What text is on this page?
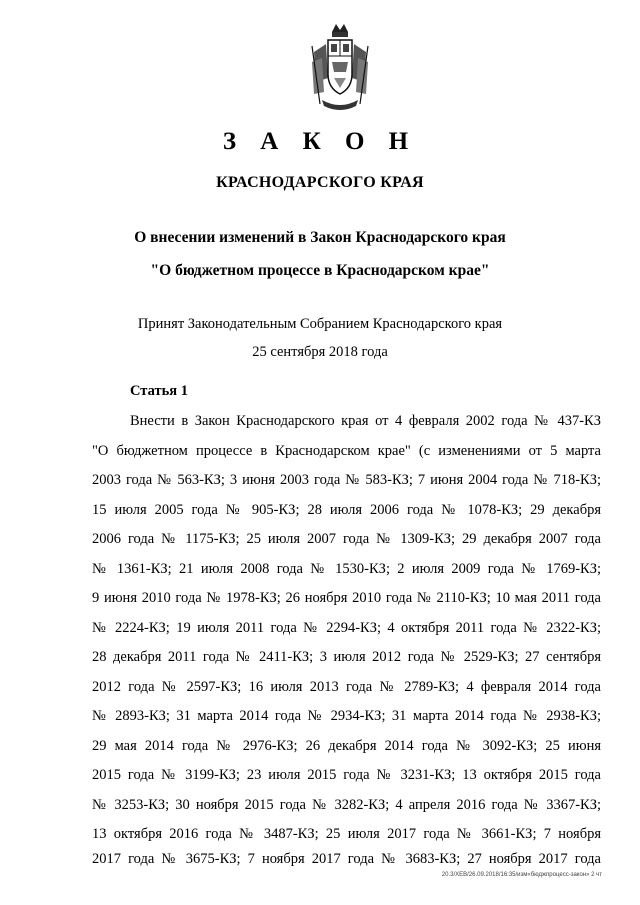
З А К О Н
КРАСНОДАРСКОГО КРАЯ
О внесении изменений в Закон Краснодарского края
"О бюджетном процессе в Краснодарском крае"
Принят Законодательным Собранием Краснодарского края
25 сентября 2018 года
Статья 1
Внести в Закон Краснодарского края от 4 февраля 2002 года № 437-КЗ
"О бюджетном процессе в Краснодарском крае" (с изменениями от 5 марта
2003 года № 563-КЗ; 3 июня 2003 года № 583-КЗ; 7 июня 2004 года № 718-КЗ;
15 июля 2005 года № 905-КЗ; 28 июля 2006 года № 1078-КЗ; 29 декабря
2006 года № 1175-КЗ; 25 июля 2007 года № 1309-КЗ; 29 декабря 2007 года
№ 1361-КЗ; 21 июля 2008 года № 1530-КЗ; 2 июля 2009 года № 1769-КЗ;
9 июня 2010 года № 1978-КЗ; 26 ноября 2010 года № 2110-КЗ; 10 мая 2011 года
№ 2224-КЗ; 19 июля 2011 года № 2294-КЗ; 4 октября 2011 года № 2322-КЗ;
28 декабря 2011 года № 2411-КЗ; 3 июля 2012 года № 2529-КЗ; 27 сентября
2012 года № 2597-КЗ; 16 июля 2013 года № 2789-КЗ; 4 февраля 2014 года
№ 2893-КЗ; 31 марта 2014 года № 2934-КЗ; 31 марта 2014 года № 2938-КЗ;
29 мая 2014 года № 2976-КЗ; 26 декабря 2014 года № 3092-КЗ; 25 июня
2015 года № 3199-КЗ; 23 июля 2015 года № 3231-КЗ; 13 октября 2015 года
№ 3253-КЗ; 30 ноября 2015 года № 3282-КЗ; 4 апреля 2016 года № 3367-КЗ;
13 октября 2016 года № 3487-КЗ; 25 июля 2017 года № 3661-КЗ; 7 ноября
2017 года № 3675-КЗ; 7 ноября 2017 года № 3683-КЗ; 27 ноября 2017 года
20.3/ХЕВ/26.09.2018/16:35/изм«бюджпроцесс-закон» 2 чт
